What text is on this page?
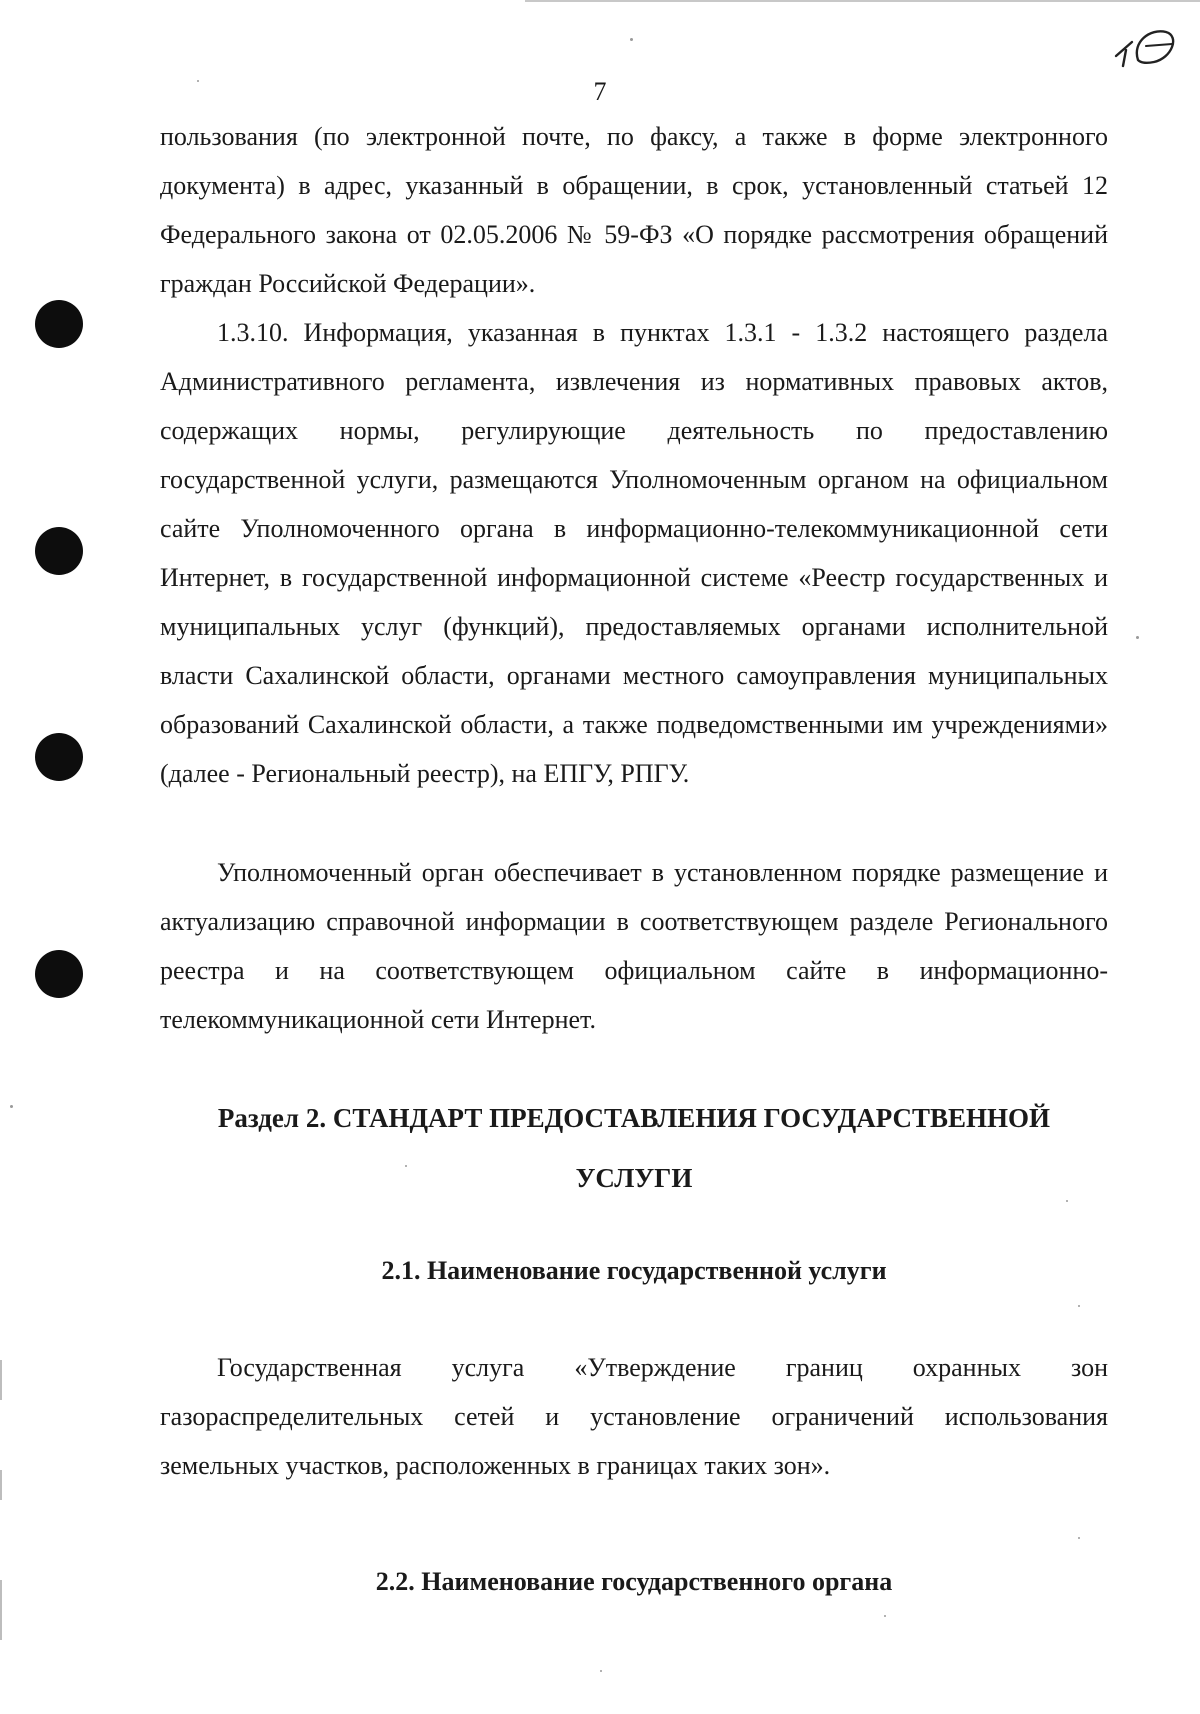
7

пользования (по электронной почте, по факсу, а также в форме электронного документа) в адрес, указанный в обращении, в срок, установленный статьей 12 Федерального закона от 02.05.2006 № 59-ФЗ «О порядке рассмотрения обращений граждан Российской Федерации».

1.3.10. Информация, указанная в пунктах 1.3.1 - 1.3.2 настоящего раздела Административного регламента, извлечения из нормативных правовых актов, содержащих нормы, регулирующие деятельность по предоставлению государственной услуги, размещаются Уполномоченным органом на официальном сайте Уполномоченного органа в информационно-телекоммуникационной сети Интернет, в государственной информационной системе «Реестр государственных и муниципальных услуг (функций), предоставляемых органами исполнительной власти Сахалинской области, органами местного самоуправления муниципальных образований Сахалинской области, а также подведомственными им учреждениями» (далее - Региональный реестр), на ЕПГУ, РПГУ.

Уполномоченный орган обеспечивает в установленном порядке размещение и актуализацию справочной информации в соответствующем разделе Регионального реестра и на соответствующем официальном сайте в информационно-телекоммуникационной сети Интернет.

Раздел 2. СТАНДАРТ ПРЕДОСТАВЛЕНИЯ ГОСУДАРСТВЕННОЙ
УСЛУГИ
2.1. Наименование государственной услуги

Государственная услуга «Утверждение границ охранных зон газораспределительных сетей и установление ограничений использования земельных участков, расположенных в границах таких зон».

2.2. Наименование государственного органа
